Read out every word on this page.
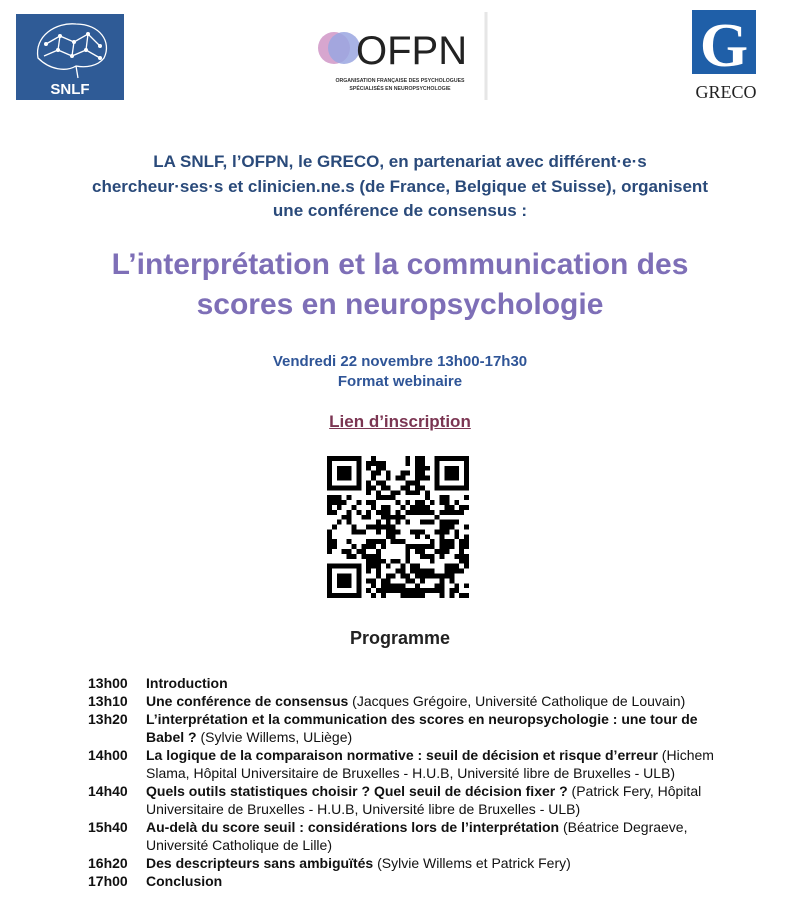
SNLF
OFPN
ORGANISATION FRANÇAISE DES PSYCHOLOGUES
SPÉCIALISÉS EN NEUROPSYCHOLOGIE
G
GRECO
LA SNLF, l’OFPN, le GRECO, en partenariat avec différent·e·s
chercheur·ses·s et clinicien.ne.s (de France, Belgique et Suisse), organisent
une conférence de consensus :
L’interprétation et la communication des
scores en neuropsychologie
Vendredi 22 novembre 13h00-17h30
Format webinaire
Lien d’inscription
Programme
13h00	Introduction
13h10	Une conférence de consensus (Jacques Grégoire, Université Catholique de Louvain)
13h20	L’interprétation et la communication des scores en neuropsychologie : une tour de Babel ? (Sylvie Willems, ULiège)
14h00	La logique de la comparaison normative : seuil de décision et risque d’erreur (Hichem Slama, Hôpital Universitaire de Bruxelles - H.U.B, Université libre de Bruxelles - ULB)
14h40	Quels outils statistiques choisir ? Quel seuil de décision fixer ? (Patrick Fery, Hôpital Universitaire de Bruxelles - H.U.B, Université libre de Bruxelles - ULB)
15h40	Au-delà du score seuil : considérations lors de l’interprétation (Béatrice Degraeve, Université Catholique de Lille)
16h20	Des descripteurs sans ambiguïtés (Sylvie Willems et Patrick Fery)
17h00	Conclusion
